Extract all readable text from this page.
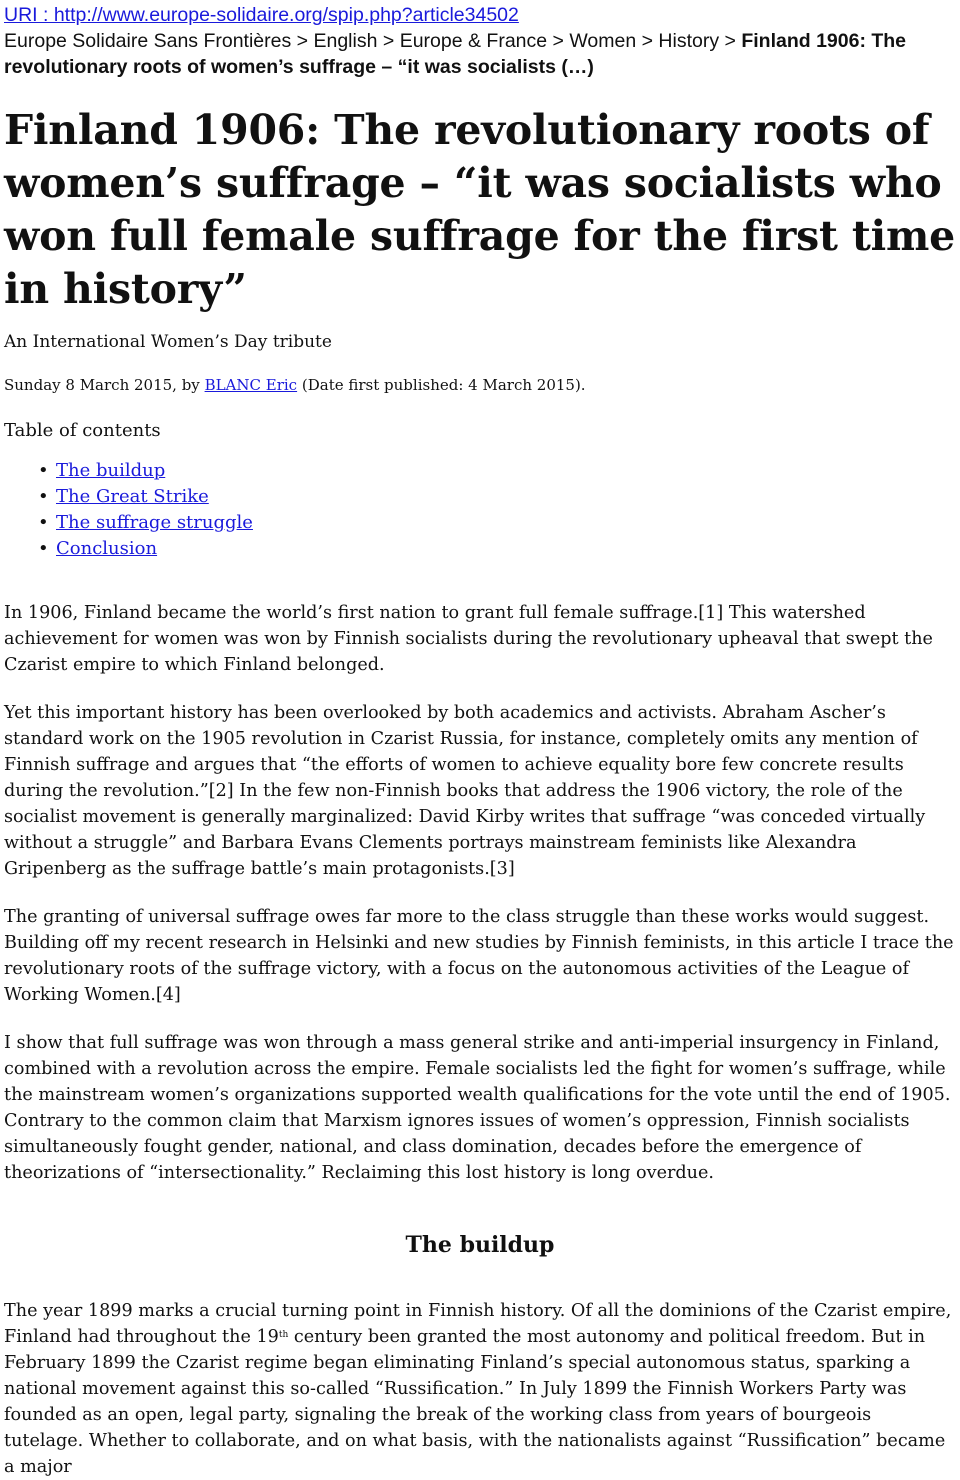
URI : http://www.europe-solidaire.org/spip.php?article34502
Europe Solidaire Sans Frontières > English > Europe & France > Women > History > Finland 1906: The revolutionary roots of women’s suffrage – “it was socialists (…)
Finland 1906: The revolutionary roots of women’s suffrage – “it was socialists who won full female suffrage for the first time in history”
An International Women’s Day tribute
Sunday 8 March 2015, by BLANC Eric (Date first published: 4 March 2015).
Table of contents
• The buildup
• The Great Strike
• The suffrage struggle
• Conclusion

In 1906, Finland became the world’s first nation to grant full female suffrage.[1] This watershed achievement for women was won by Finnish socialists during the revolutionary upheaval that swept the Czarist empire to which Finland belonged.

Yet this important history has been overlooked by both academics and activists. Abraham Ascher’s standard work on the 1905 revolution in Czarist Russia, for instance, completely omits any mention of Finnish suffrage and argues that “the efforts of women to achieve equality bore few concrete results during the revolution.”[2] In the few non-Finnish books that address the 1906 victory, the role of the socialist movement is generally marginalized: David Kirby writes that suffrage “was conceded virtually without a struggle” and Barbara Evans Clements portrays mainstream feminists like Alexandra Gripenberg as the suffrage battle’s main protagonists.[3]

The granting of universal suffrage owes far more to the class struggle than these works would suggest. Building off my recent research in Helsinki and new studies by Finnish feminists, in this article I trace the revolutionary roots of the suffrage victory, with a focus on the autonomous activities of the League of Working Women.[4]

I show that full suffrage was won through a mass general strike and anti-imperial insurgency in Finland, combined with a revolution across the empire. Female socialists led the fight for women’s suffrage, while the mainstream women’s organizations supported wealth qualifications for the vote until the end of 1905. Contrary to the common claim that Marxism ignores issues of women’s oppression, Finnish socialists simultaneously fought gender, national, and class domination, decades before the emergence of theorizations of “intersectionality.” Reclaiming this lost history is long overdue.

The buildup

The year 1899 marks a crucial turning point in Finnish history. Of all the dominions of the Czarist empire, Finland had throughout the 19th century been granted the most autonomy and political freedom. But in February 1899 the Czarist regime began eliminating Finland’s special autonomous status, sparking a national movement against this so-called “Russification.” In July 1899 the Finnish Workers Party was founded as an open, legal party, signaling the break of the working class from years of bourgeois tutelage. Whether to collaborate, and on what basis, with the nationalists against “Russification” became a major
